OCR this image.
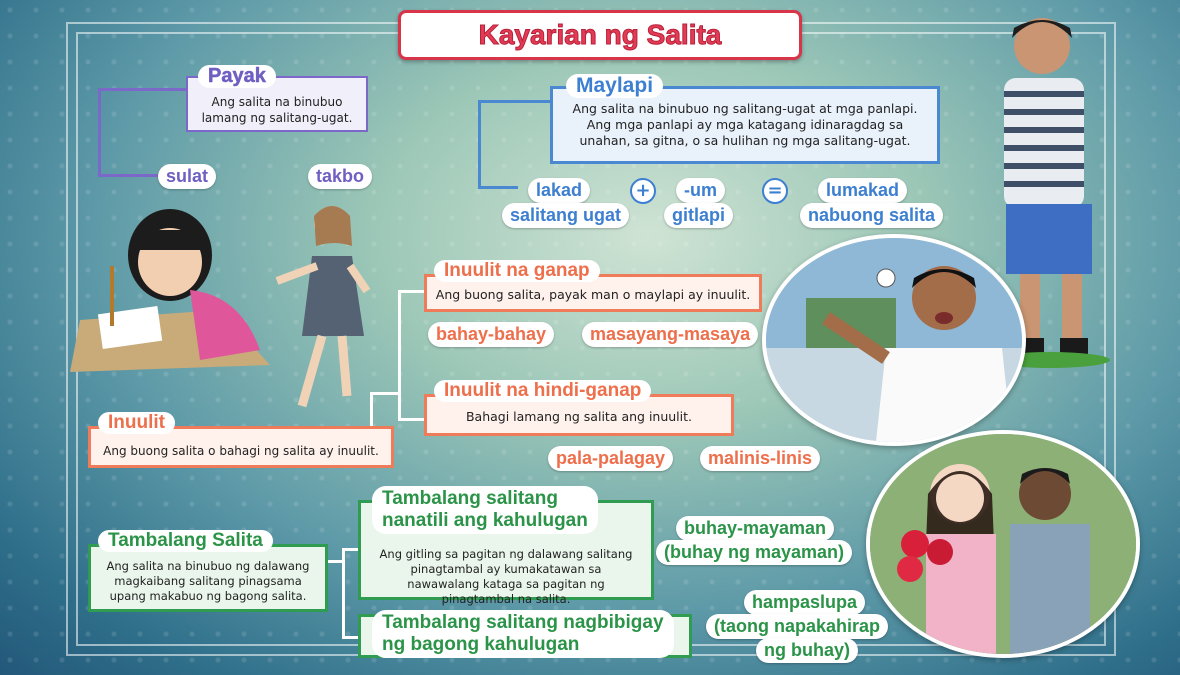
Kayarian ng Salita
Ang salita na binubuo lamang ng salitang-ugat.
Payak
sulat	takbo
Ang salita na binubuo ng salitang-ugat at mga panlapi. Ang mga panlapi ay mga katagang idinaragdag sa unahan, sa gitna, o sa hulihan ng mga salitang-ugat.
Maylapi
lakad
salitang ugat
+	-um
gitlapi
=	lumakad
nabuong salita
Ang buong salita, payak man o maylapi ay inuulit.
Inuulit na ganap
bahay-bahay	masayang-masaya
Bahagi lamang ng salita ang inuulit.
Inuulit na hindi-ganap
pala-palagay	malinis-linis
Ang buong salita o bahagi ng salita ay inuulit.
Inuulit
Ang salita na binubuo ng dalawang magkaibang salitang pinagsama upang makabuo ng bagong salita.
Tambalang Salita
Ang gitling sa pagitan ng dalawang salitang pinagtambal ay kumakatawan sa nawawalang kataga sa pagitan ng pinagtambal na salita.
Tambalang salitang
nanatili ang kahulugan	buhay-mayaman
(buhay ng mayaman)
Tambalang salitang nagbibigay
ng bagong kahulugan
hampaslupa
(taong napakahirap
ng buhay)
